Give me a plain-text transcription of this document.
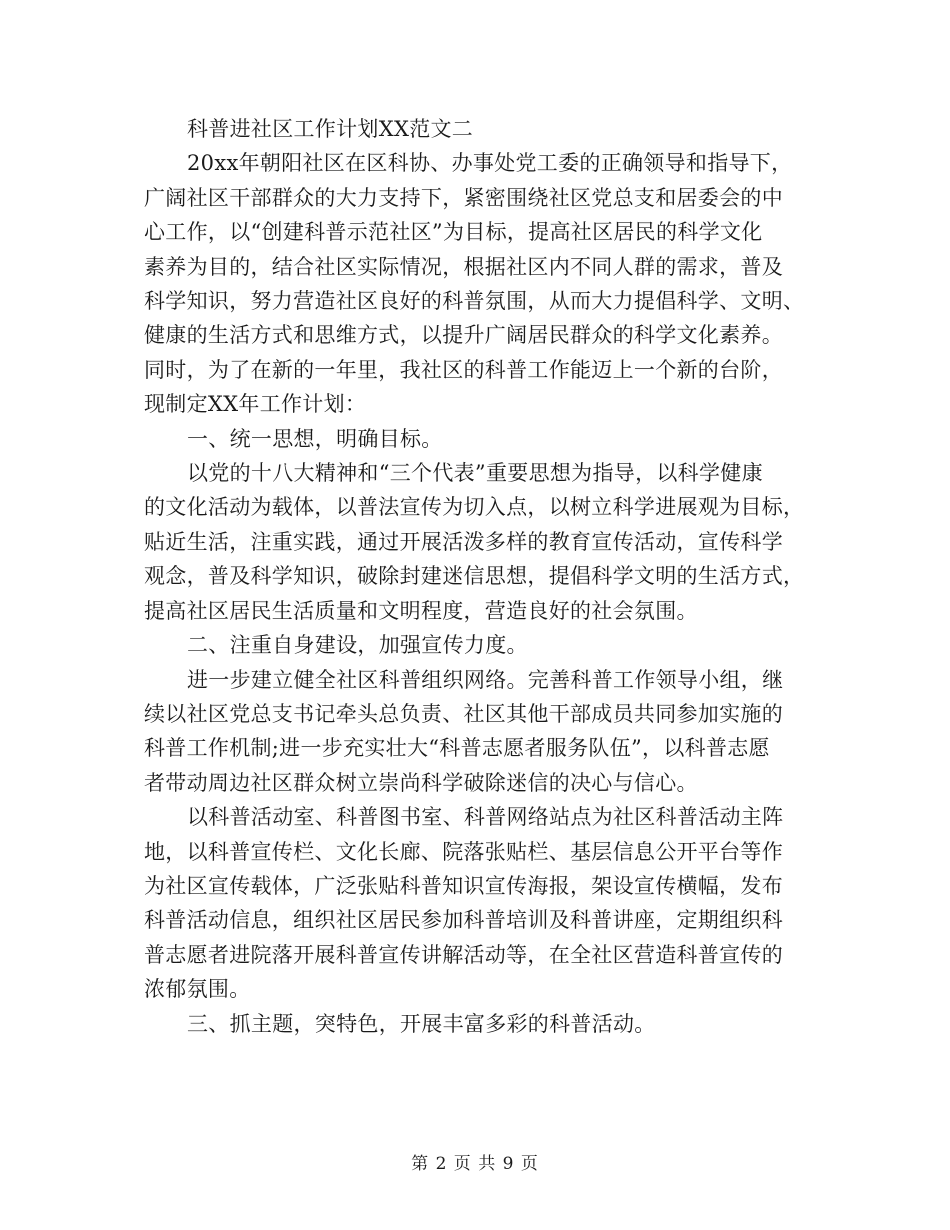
科普进社区工作计划XX范文二
20xx年朝阳社区在区科协、办事处党工委的正确领导和指导下，
广阔社区干部群众的大力支持下，紧密围绕社区党总支和居委会的中
心工作，以“创建科普示范社区”为目标，提高社区居民的科学文化
素养为目的，结合社区实际情况，根据社区内不同人群的需求，普及
科学知识，努力营造社区良好的科普氛围，从而大力提倡科学、文明、
健康的生活方式和思维方式，以提升广阔居民群众的科学文化素养。
同时，为了在新的一年里，我社区的科普工作能迈上一个新的台阶，
现制定XX年工作计划：
一、统一思想，明确目标。
以党的十八大精神和“三个代表”重要思想为指导，以科学健康
的文化活动为载体，以普法宣传为切入点，以树立科学进展观为目标，
贴近生活，注重实践，通过开展活泼多样的教育宣传活动，宣传科学
观念，普及科学知识，破除封建迷信思想，提倡科学文明的生活方式，
提高社区居民生活质量和文明程度，营造良好的社会氛围。
二、注重自身建设，加强宣传力度。
进一步建立健全社区科普组织网络。完善科普工作领导小组，继
续以社区党总支书记牵头总负责、社区其他干部成员共同参加实施的
科普工作机制;进一步充实壮大“科普志愿者服务队伍”，以科普志愿
者带动周边社区群众树立崇尚科学破除迷信的决心与信心。
以科普活动室、科普图书室、科普网络站点为社区科普活动主阵
地，以科普宣传栏、文化长廊、院落张贴栏、基层信息公开平台等作
为社区宣传载体，广泛张贴科普知识宣传海报，架设宣传横幅，发布
科普活动信息，组织社区居民参加科普培训及科普讲座，定期组织科
普志愿者进院落开展科普宣传讲解活动等，在全社区营造科普宣传的
浓郁氛围。
三、抓主题，突特色，开展丰富多彩的科普活动。
第 2 页 共 9 页
